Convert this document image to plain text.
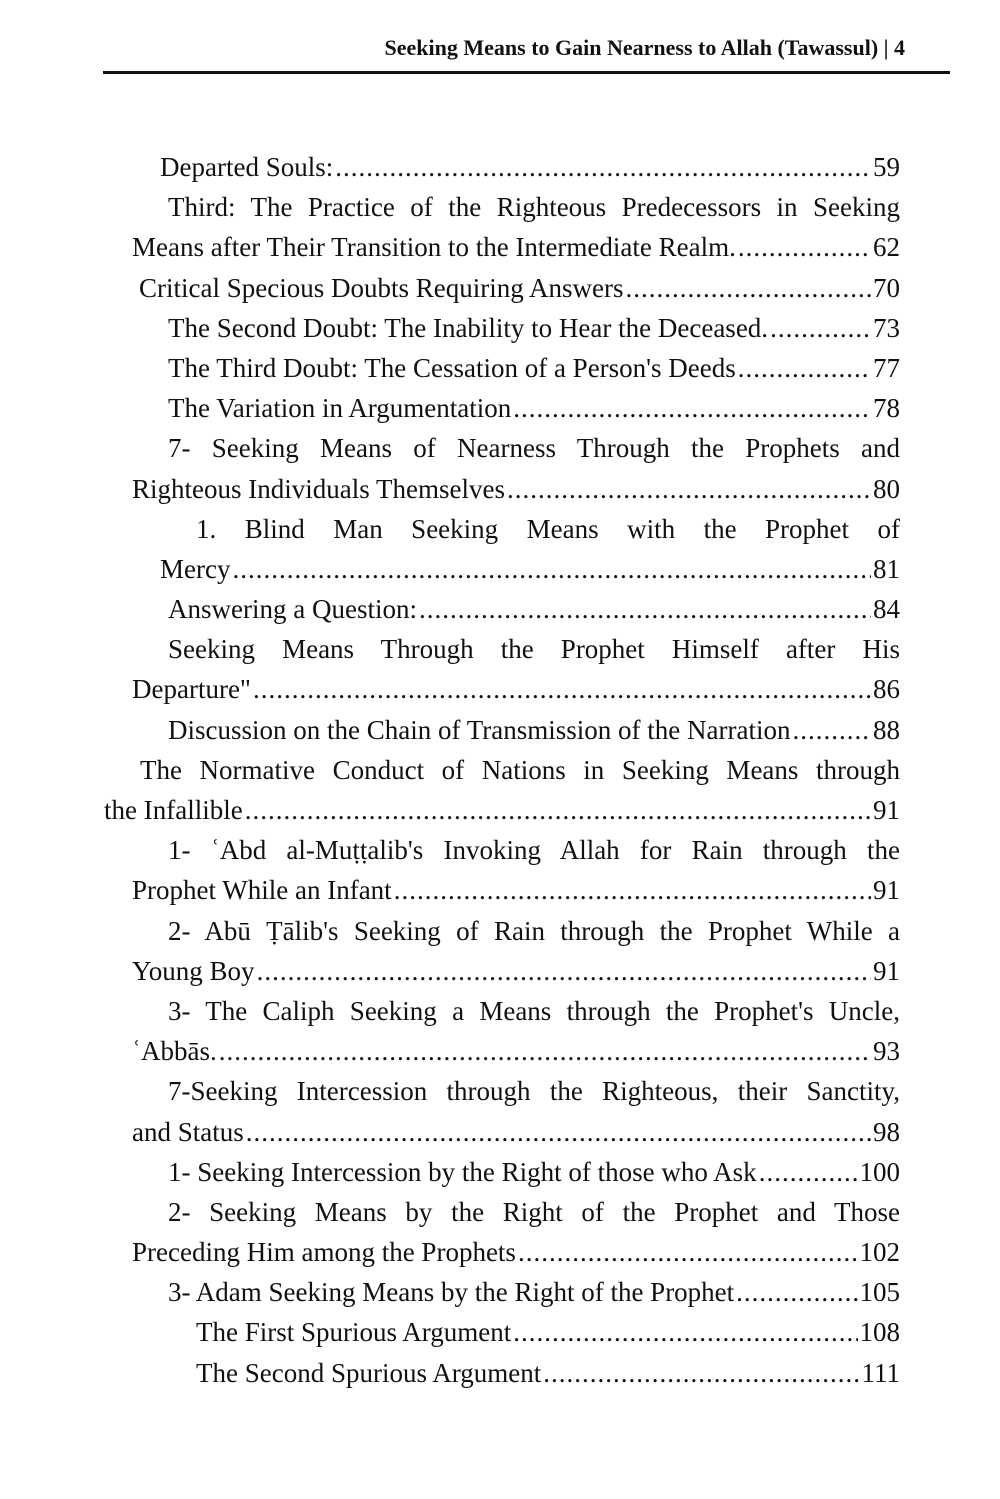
Seeking Means to Gain Nearness to Allah (Tawassul) | 4
Departed Souls: .....	59
Third: The Practice of the Righteous Predecessors in Seeking
Means after Their Transition to the Intermediate Realm. .....	62
Critical Specious Doubts Requiring Answers .....	70
The Second Doubt: The Inability to Hear the Deceased. .....	73
The Third Doubt: The Cessation of a Person's Deeds .....	77
The Variation in Argumentation .....	78
7- Seeking Means of Nearness Through the Prophets and
Righteous Individuals Themselves .....	80
1. Blind Man Seeking Means with the Prophet of
Mercy .....	81
Answering a Question: .....	84
Seeking Means Through the Prophet Himself after His
Departure" .....	86
Discussion on the Chain of Transmission of the Narration .....	88
The Normative Conduct of Nations in Seeking Means through
the Infallible .....	91
1- ʿAbd al-Muṭṭalib's Invoking Allah for Rain through the
Prophet While an Infant .....	91
2- Abū Ṭālib's Seeking of Rain through the Prophet While a
Young Boy .....	91
3- The Caliph Seeking a Means through the Prophet's Uncle,
ʿAbbās. .....	93
7-Seeking Intercession through the Righteous, their Sanctity,
and Status .....	98
1- Seeking Intercession by the Right of those who Ask .....	100
2- Seeking Means by the Right of the Prophet and Those
Preceding Him among the Prophets .....	102
3- Adam Seeking Means by the Right of the Prophet .....	105
The First Spurious Argument .....	108
The Second Spurious Argument .....	111
